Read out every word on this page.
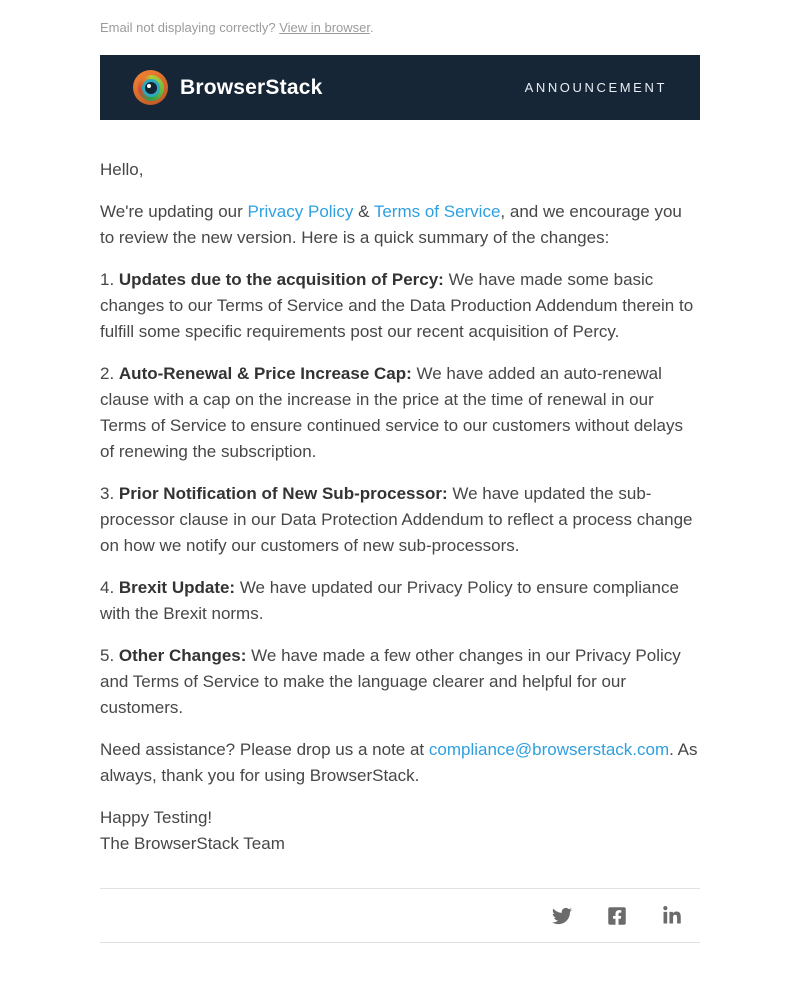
Email not displaying correctly? View in browser.
BrowserStack	ANNOUNCEMENT

Hello,

We're updating our Privacy Policy & Terms of Service, and we encourage you to review the new version. Here is a quick summary of the changes:

1. Updates due to the acquisition of Percy: We have made some basic changes to our Terms of Service and the Data Production Addendum therein to fulfill some specific requirements post our recent acquisition of Percy.

2. Auto-Renewal & Price Increase Cap: We have added an auto-renewal clause with a cap on the increase in the price at the time of renewal in our Terms of Service to ensure continued service to our customers without delays of renewing the subscription.

3. Prior Notification of New Sub-processor: We have updated the sub-processor clause in our Data Protection Addendum to reflect a process change on how we notify our customers of new sub-processors.

4. Brexit Update: We have updated our Privacy Policy to ensure compliance with the Brexit norms.

5. Other Changes: We have made a few other changes in our Privacy Policy and Terms of Service to make the language clearer and helpful for our customers.

Need assistance? Please drop us a note at compliance@browserstack.com. As always, thank you for using BrowserStack.

Happy Testing!
The BrowserStack Team
